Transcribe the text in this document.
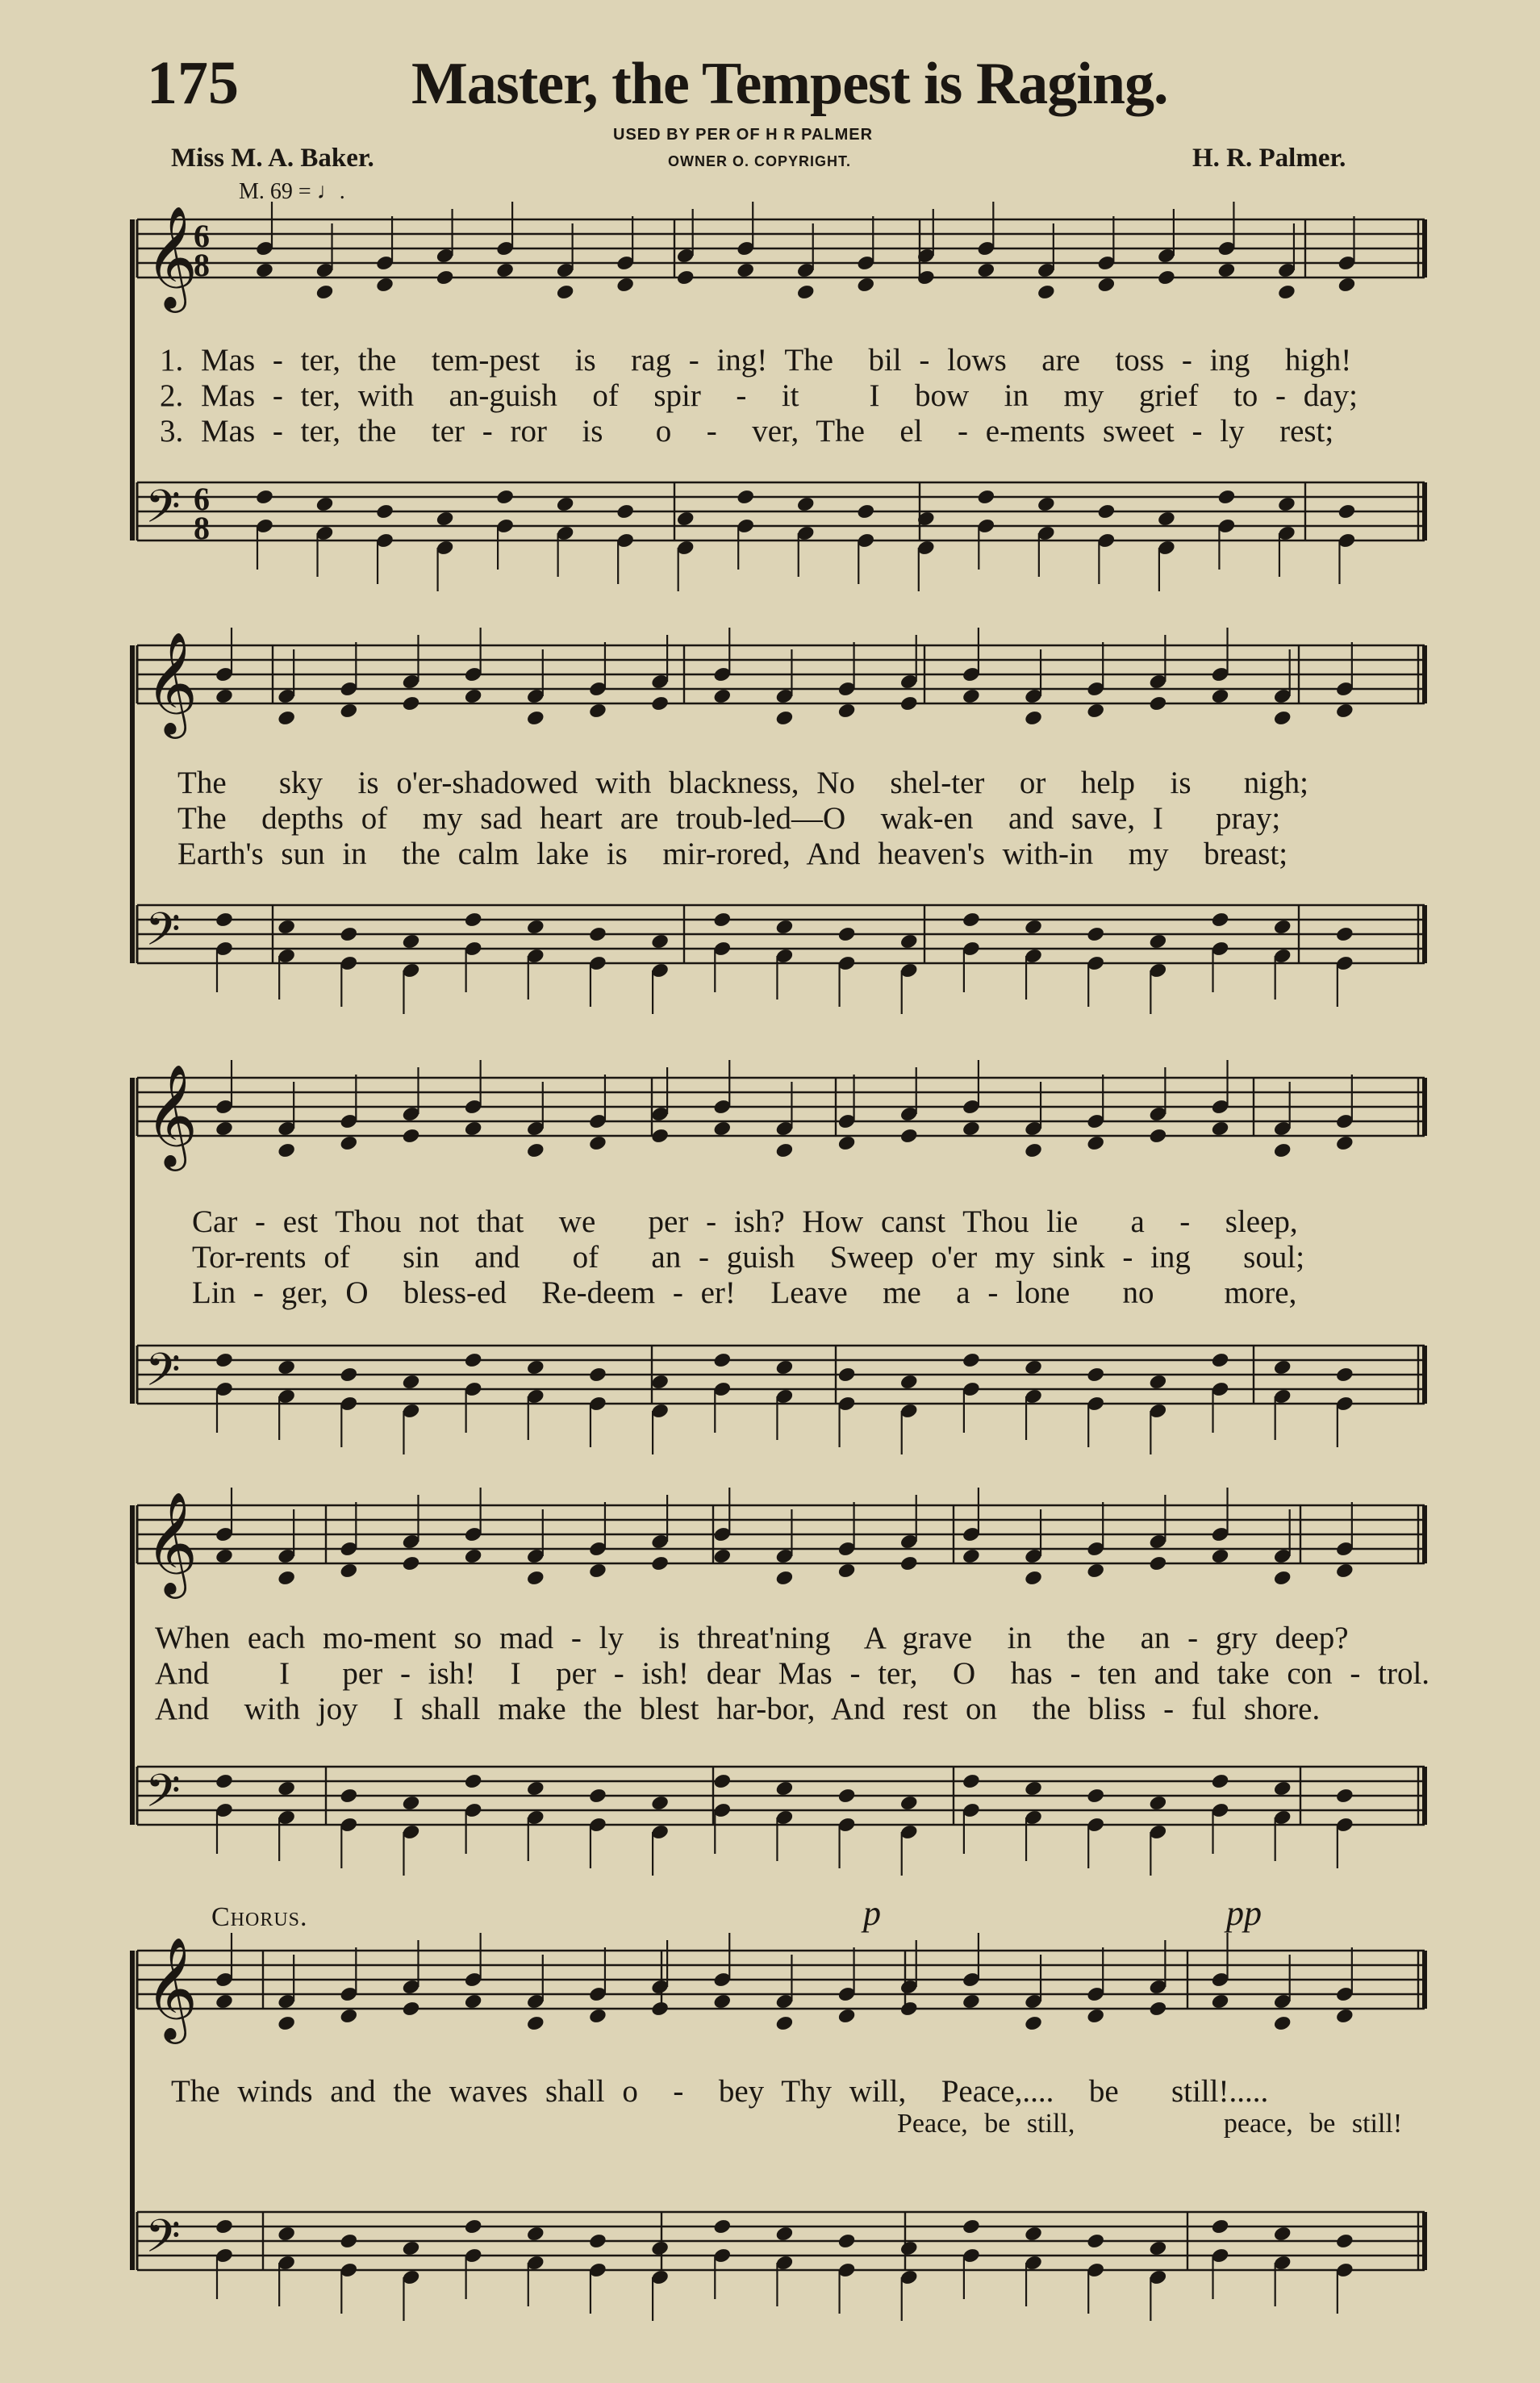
175	Master, the Tempest is Raging.
USED BY PER OF H R PALMER
OWNER O. COPYRIGHT.
Miss M. A. Baker.	H. R. Palmer.
M. 69 = ♩.
𝄞
6
8
𝄢 6
8
𝄞
𝄢
𝄞
𝄢
𝄞
𝄢
𝄞
𝄢
1. Mas - ter, the  tem-pest  is  rag - ing! The  bil - lows  are  toss - ing  high!
2. Mas - ter, with  an-guish  of  spir  -  it    I  bow  in  my  grief  to - day;
3. Mas - ter, the  ter - ror  is   o  -  ver, The  el  - e-ments sweet - ly  rest;
The   sky  is o'er-shadowed with blackness, No  shel-ter  or  help  is   nigh;
The  depths of  my sad heart are troub-led—O  wak-en  and save, I   pray;
Earth's sun in  the calm lake is  mir-rored, And heaven's with-in  my  breast;
Car - est Thou not that  we   per - ish? How canst Thou lie   a  -  sleep,
Tor-rents of   sin  and   of   an - guish  Sweep o'er my sink - ing   soul;
Lin - ger, O  bless-ed  Re-deem - er!  Leave  me  a - lone   no    more,
When each mo-ment so mad - ly  is threat'ning  A grave  in  the  an - gry deep?
And    I   per - ish!  I  per - ish! dear Mas - ter,  O  has - ten and take con - trol.
And  with joy  I shall make the blest har-bor, And rest on  the bliss - ful shore.
Chorus.	p	pp
The winds and the waves shall o  -  bey Thy will,  Peace,....  be   still!.....
Peace, be still,         peace, be still!
